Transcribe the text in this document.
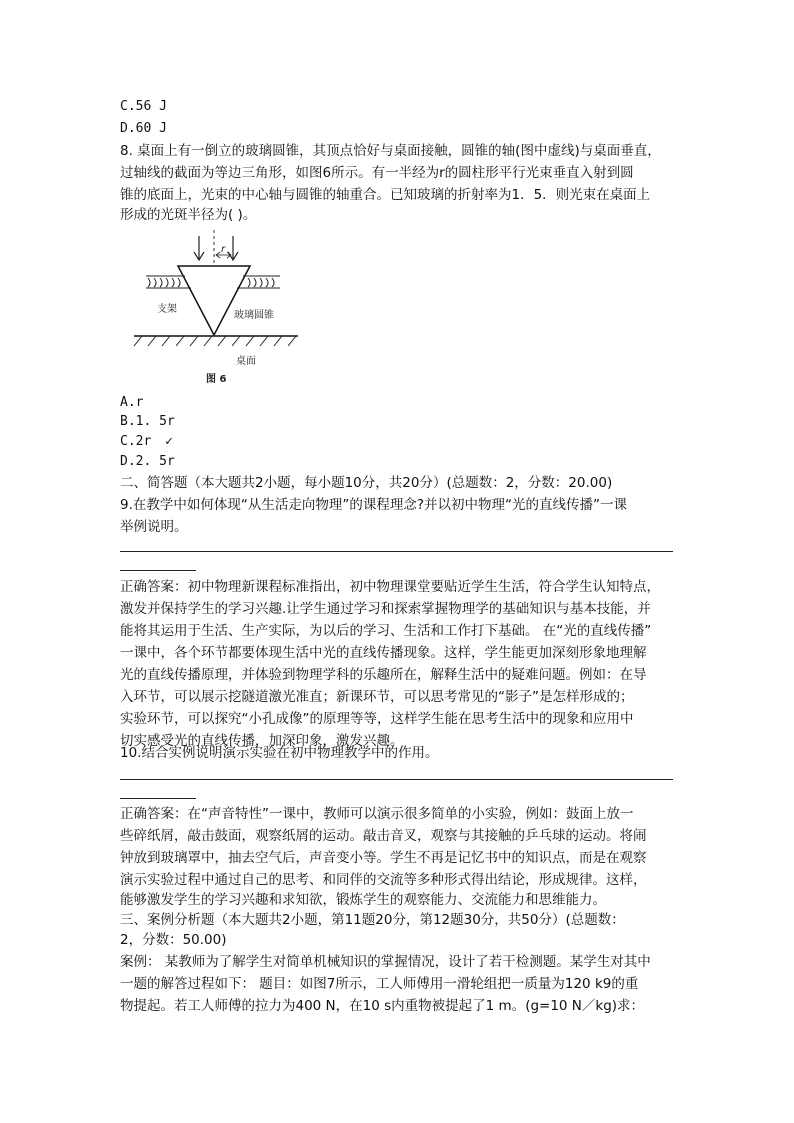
C.56 J
D.60 J
8. 桌面上有一倒立的玻璃圆锥，其顶点恰好与桌面接触，圆锥的轴(图中虚线)与桌面垂直，
过轴线的截面为等边三角形，如图6所示。有一半经为r的圆柱形平行光束垂直入射到圆
锥的底面上，光束的中心轴与圆锥的轴重合。已知玻璃的折射率为1．5．则光束在桌面上
形成的光斑半径为( )。
r
支架
玻璃圆锥
桌面
图 6
A.r
B.1. 5r
C.2r ✓
D.2. 5r
二、简答题（本大题共2小题，每小题10分，共20分）(总题数：2，分数：20.00)
9.在教学中如何体现“从生活走向物理”的课程理念?并以初中物理“光的直线传播”一课
举例说明。
正确答案：初中物理新课程标准指出，初中物理课堂要贴近学生生活，符合学生认知特点，
激发并保持学生的学习兴趣.让学生通过学习和探索掌握物理学的基础知识与基本技能，并
能将其运用于生活、生产实际，为以后的学习、生活和工作打下基础。 在“光的直线传播”
一课中，各个环节都要体现生活中光的直线传播现象。这样，学生能更加深刻形象地理解
光的直线传播原理，并体验到物理学科的乐趣所在，解释生活中的疑难问题。例如：在导
入环节，可以展示挖隧道激光准直；新课环节，可以思考常见的“影子”是怎样形成的；
实验环节，可以探究“小孔成像”的原理等等，这样学生能在思考生活中的现象和应用中
切实感受光的直线传播，加深印象，激发兴趣。
10.结合实例说明演示实验在初中物理教学中的作用。
正确答案：在“声音特性”一课中，教师可以演示很多简单的小实验，例如：鼓面上放一
些碎纸屑，敲击鼓面，观察纸屑的运动。敲击音叉，观察与其接触的乒乓球的运动。将闹
钟放到玻璃罩中，抽去空气后，声音变小等。学生不再是记忆书中的知识点，而是在观察
演示实验过程中通过自己的思考、和同伴的交流等多种形式得出结论，形成规律。这样，
能够激发学生的学习兴趣和求知欲，锻炼学生的观察能力、交流能力和思维能力。
三、案例分析题（本大题共2小题，第11题20分，第12题30分，共50分）(总题数：
2，分数：50.00)
案例： 某教师为了解学生对简单机械知识的掌握情况，设计了若干检测题。某学生对其中
一题的解答过程如下： 题目：如图7所示，工人师傅用一滑轮组把一质量为120 k9的重
物提起。若工人师傅的拉力为400 N，在10 s内重物被提起了1 m。(g=10 N／kg)求：
